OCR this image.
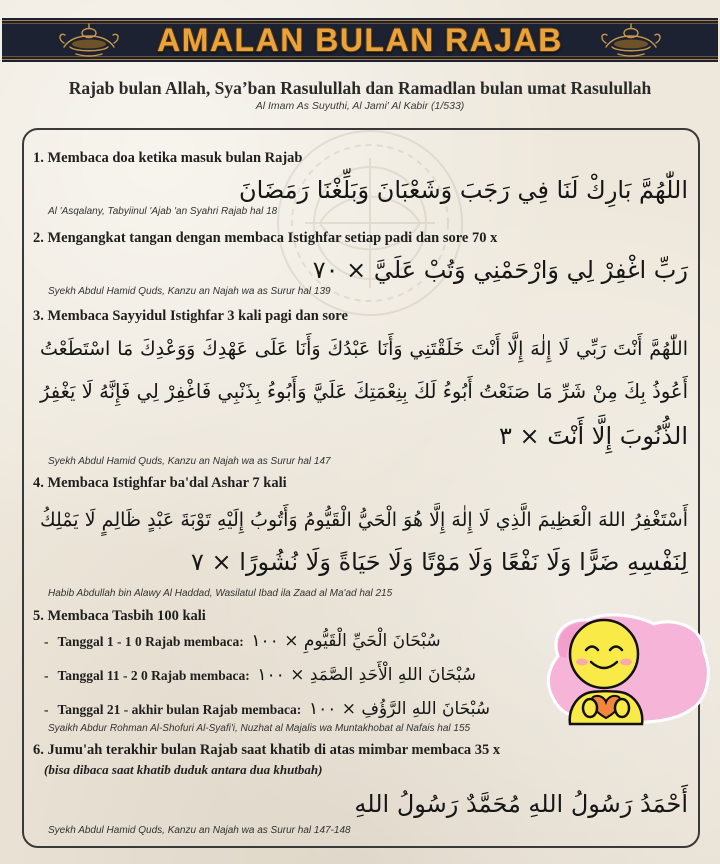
AMALAN BULAN RAJAB
Rajab bulan Allah, Sya’ban Rasulullah dan Ramadlan bulan umat Rasulullah
Al Imam As Suyuthi, Al Jami' Al Kabir (1/533)
1. Membaca doa ketika masuk bulan Rajab
اللّٰهُمَّ بَارِكْ لَنَا فِي رَجَبَ وَشَعْبَانَ وَبَلِّغْنَا رَمَضَانَ
Al 'Asqalany, Tabyiinul 'Ajab 'an Syahri Rajab hal 18
2. Mengangkat tangan dengan membaca Istighfar setiap padi dan sore 70 x
رَبِّ اغْفِرْ لِي وَارْحَمْنِي وَتُبْ عَلَيَّ × ٧٠
Syekh Abdul Hamid Quds, Kanzu an Najah wa as Surur hal 139
3. Membaca Sayyidul Istighfar 3 kali pagi dan sore
اللّٰهُمَّ أَنْتَ رَبِّي لَا إِلٰهَ إِلَّا أَنْتَ خَلَقْتَنِي وَأَنَا عَبْدُكَ وَأَنَا عَلَى عَهْدِكَ وَوَعْدِكَ مَا اسْتَطَعْتُ
أَعُوذُ بِكَ مِنْ شَرِّ مَا صَنَعْتُ أَبُوءُ لَكَ بِنِعْمَتِكَ عَلَيَّ وَأَبُوءُ بِذَنْبِي فَاغْفِرْ لِي فَإِنَّهُ لَا يَغْفِرُ
الذُّنُوبَ إِلَّا أَنْتَ × ٣
Syekh Abdul Hamid Quds, Kanzu an Najah wa as Surur hal 147
4. Membaca Istighfar ba'dal Ashar 7 kali
أَسْتَغْفِرُ اللهَ الْعَظِيمَ الَّذِي لَا إِلٰهَ إِلَّا هُوَ الْحَيُّ الْقَيُّومُ وَأَتُوبُ إِلَيْهِ تَوْبَةَ عَبْدٍ ظَالِمٍ لَا يَمْلِكُ
لِنَفْسِهِ ضَرًّا وَلَا نَفْعًا وَلَا مَوْتًا وَلَا حَيَاةً وَلَا نُشُورًا × ٧
Habib Abdullah bin Alawy Al Haddad, Wasilatul Ibad ila Zaad al Ma'ad hal 215
5. Membaca Tasbih 100 kali
- Tanggal 1 - 1 0 Rajab membaca: سُبْحَانَ الْحَيِّ الْقَيُّومِ × ١٠٠
- Tanggal 11 - 2 0 Rajab membaca: سُبْحَانَ اللهِ الْأَحَدِ الصَّمَدِ × ١٠٠
- Tanggal 21 - akhir bulan Rajab membaca: سُبْحَانَ اللهِ الرَّؤُفِ × ١٠٠
Syaikh Abdur Rohman Al-Shofuri Al-Syafi'i, Nuzhat al Majalis wa Muntakhobat al Nafais hal 155
6. Jumu'ah terakhir bulan Rajab saat khatib di atas mimbar membaca 35 x
(bisa dibaca saat khatib duduk antara dua khutbah)
أَحْمَدُ رَسُولُ اللهِ مُحَمَّدٌ رَسُولُ اللهِ
Syekh Abdul Hamid Quds, Kanzu an Najah wa as Surur hal 147-148
